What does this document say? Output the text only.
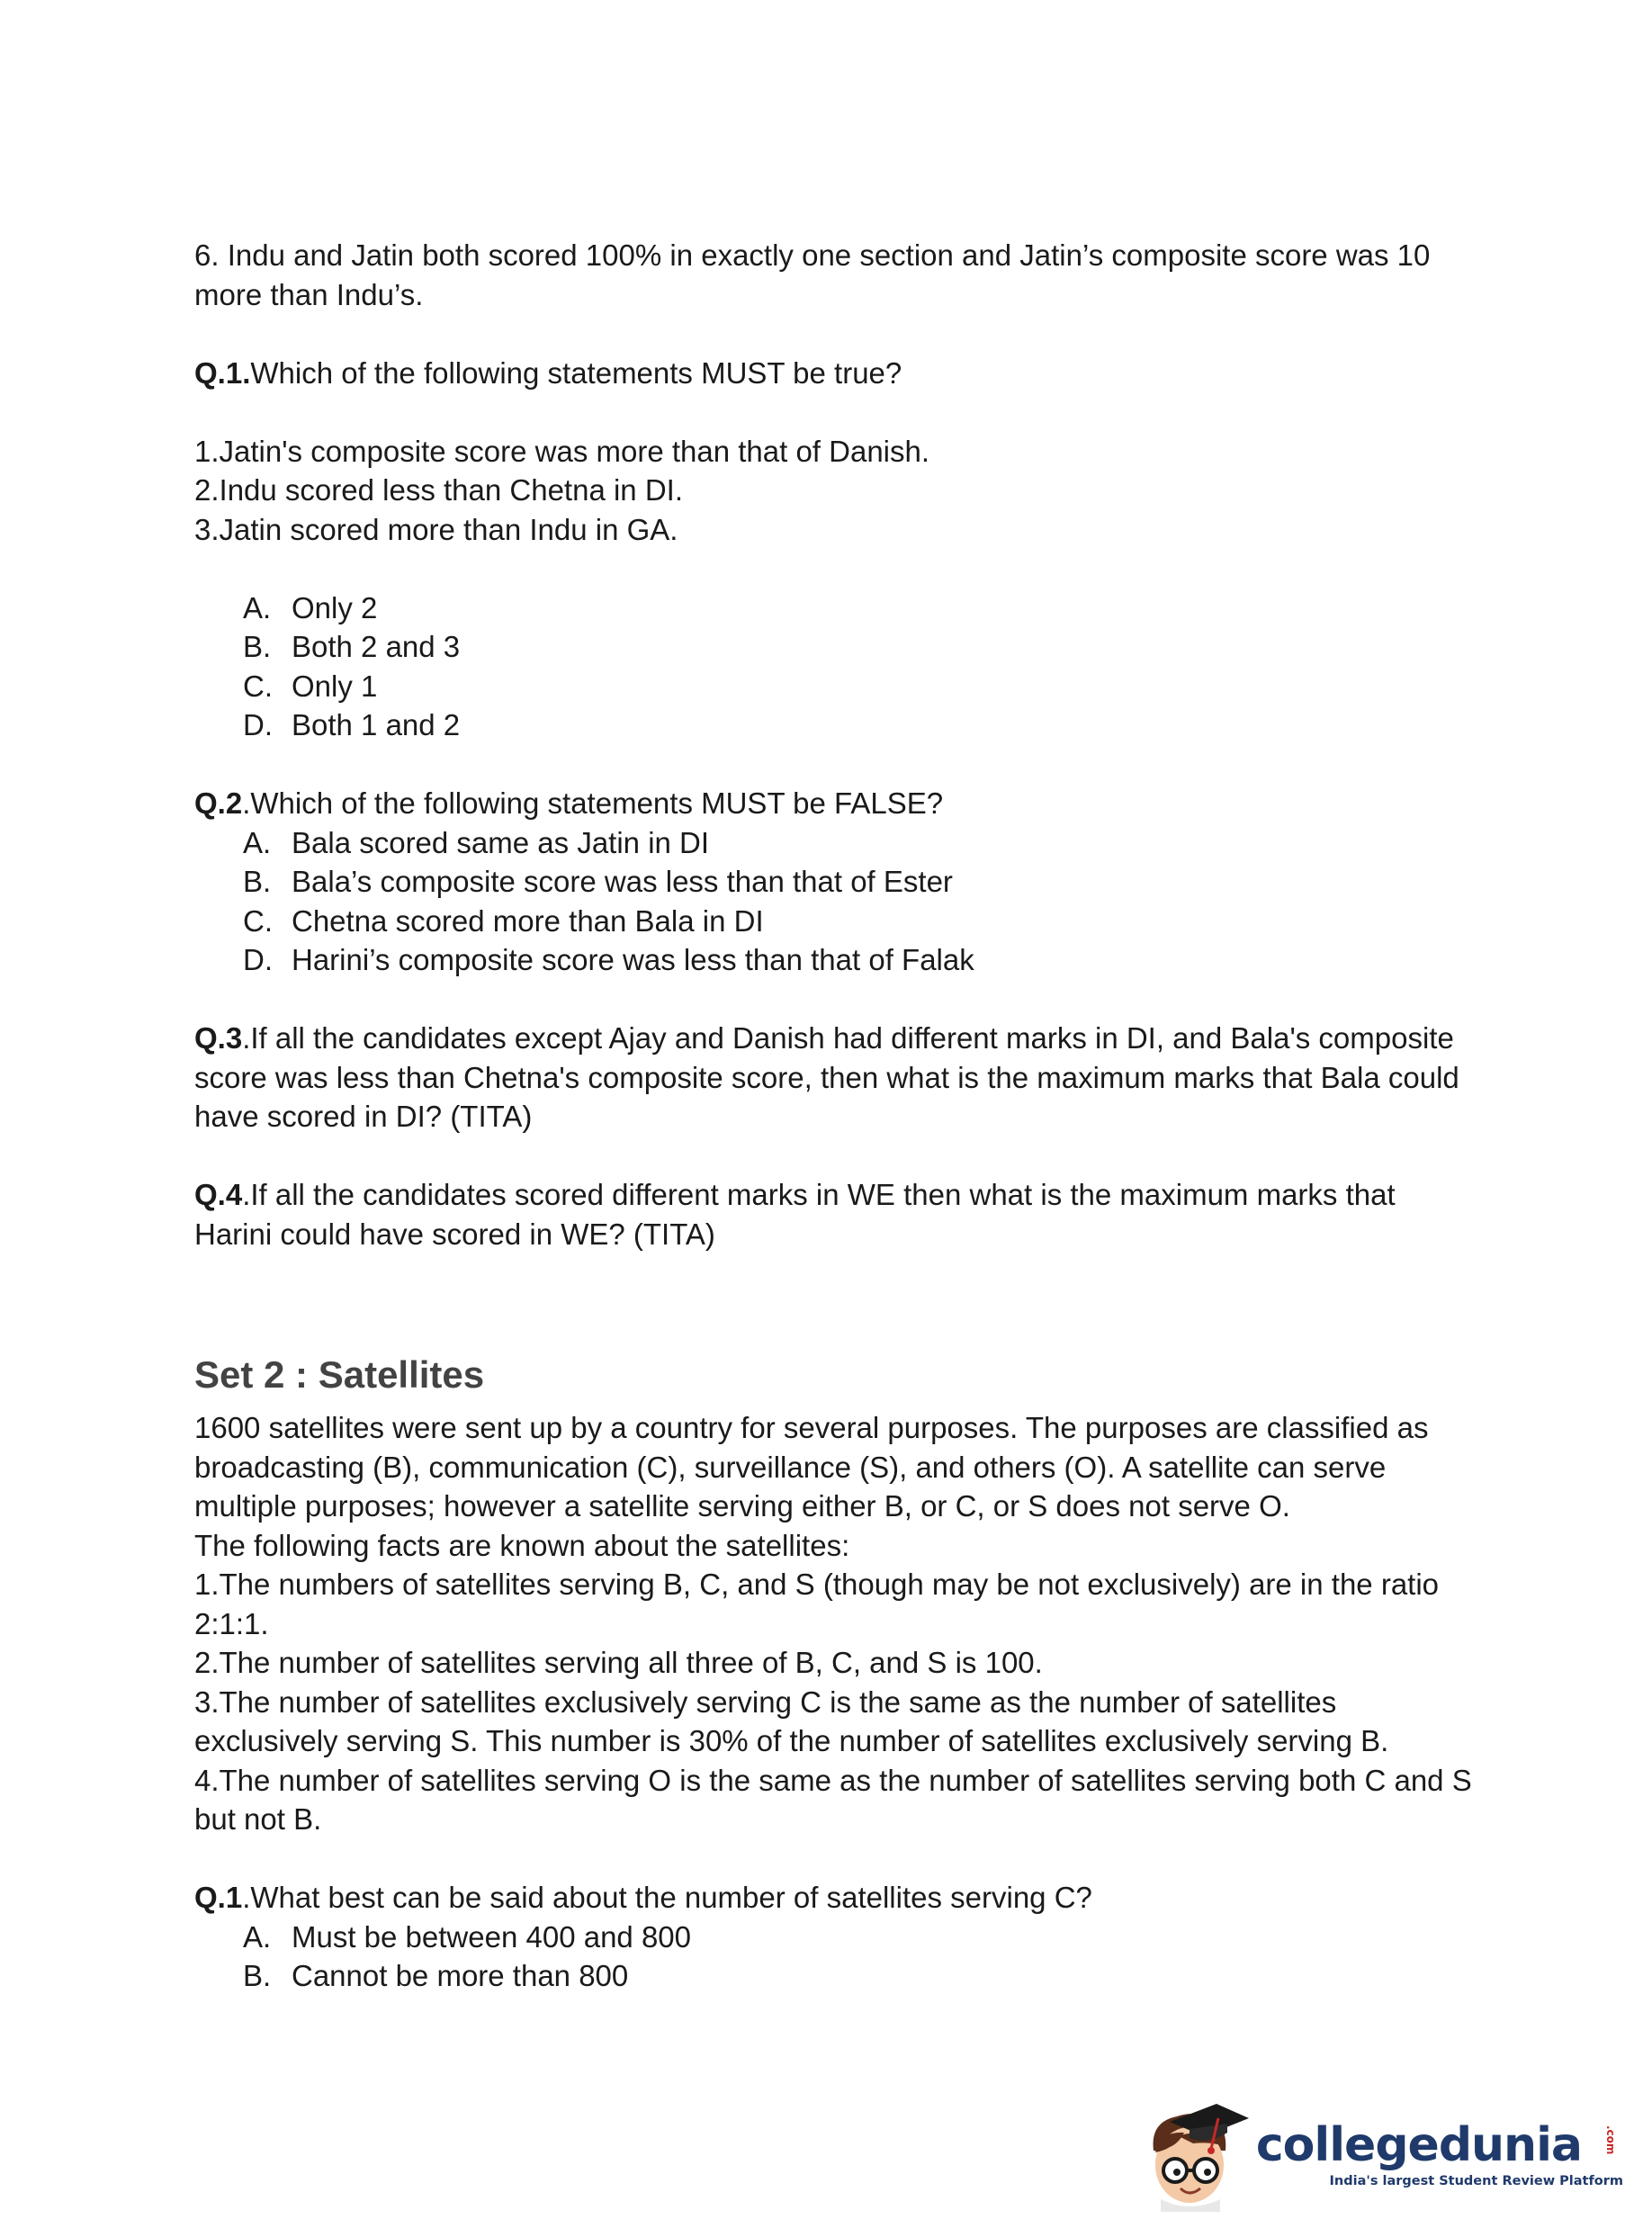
6. Indu and Jatin both scored 100% in exactly one section and Jatin’s composite score was 10 more than Indu’s.

Q.1.Which of the following statements MUST be true?

1.Jatin's composite score was more than that of Danish.

2.Indu scored less than Chetna in DI.

3.Jatin scored more than Indu in GA.

A. Only 2
B. Both 2 and 3
C. Only 1
D. Both 1 and 2

Q.2.Which of the following statements MUST be FALSE?

A. Bala scored same as Jatin in DI
B. Bala’s composite score was less than that of Ester
C. Chetna scored more than Bala in DI
D. Harini’s composite score was less than that of Falak

Q.3.If all the candidates except Ajay and Danish had different marks in DI, and Bala's composite score was less than Chetna's composite score, then what is the maximum marks that Bala could have scored in DI? (TITA)

Q.4.If all the candidates scored different marks in WE then what is the maximum marks that Harini could have scored in WE? (TITA)

Set 2 : Satellites

1600 satellites were sent up by a country for several purposes. The purposes are classified as broadcasting (B), communication (C), surveillance (S), and others (O). A satellite can serve multiple purposes; however a satellite serving either B, or C, or S does not serve O.

The following facts are known about the satellites:

1.The numbers of satellites serving B, C, and S (though may be not exclusively) are in the ratio 2:1:1.

2.The number of satellites serving all three of B, C, and S is 100.

3.The number of satellites exclusively serving C is the same as the number of satellites exclusively serving S. This number is 30% of the number of satellites exclusively serving B.

4.The number of satellites serving O is the same as the number of satellites serving both C and S but not B.

Q.1.What best can be said about the number of satellites serving C?

A. Must be between 400 and 800
B. Cannot be more than 800
collegedunia	.com
India's largest Student Review Platform
